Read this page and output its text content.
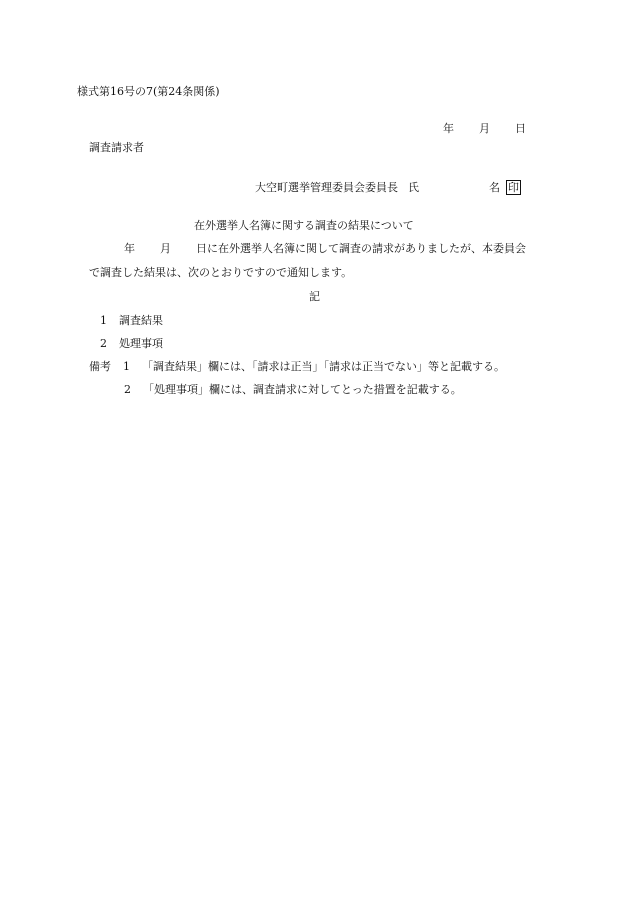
様式第16号の7(第24条関係)
年 月 日
調査請求者
大空町選挙管理委員会委員長 氏	名 印
在外選挙人名簿に関する調査の結果について
年 月 日に在外選挙人名簿に関して調査の請求がありましたが、本委員会
で調査した結果は、次のとおりですので通知します。
記
1 調査結果
2 処理事項
備考 1 「調査結果」欄には、「請求は正当」「請求は正当でない」等と記載する。
2 「処理事項」欄には、調査請求に対してとった措置を記載する。
